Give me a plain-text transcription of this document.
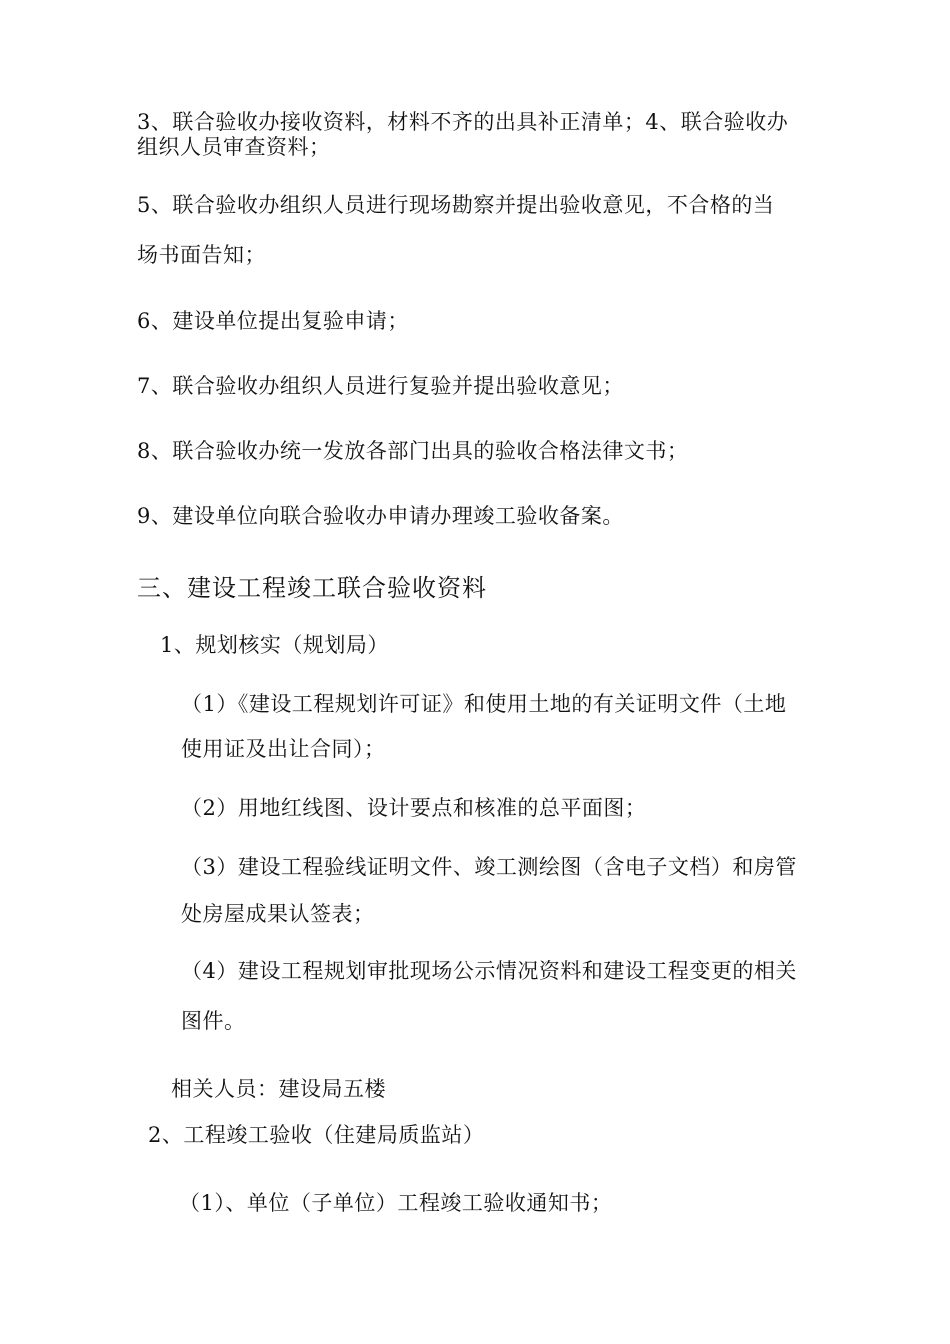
3、联合验收办接收资料，材料不齐的出具补正清单；4、联合验收办
组织人员审查资料；
5、联合验收办组织人员进行现场勘察并提出验收意见，不合格的当
场书面告知；
6、建设单位提出复验申请；
7、联合验收办组织人员进行复验并提出验收意见；
8、联合验收办统一发放各部门出具的验收合格法律文书；
9、建设单位向联合验收办申请办理竣工验收备案。
三、建设工程竣工联合验收资料
1、规划核实（规划局）
（1）《建设工程规划许可证》和使用土地的有关证明文件（土地
使用证及出让合同）；
（2）用地红线图、设计要点和核准的总平面图；
（3）建设工程验线证明文件、竣工测绘图（含电子文档）和房管
处房屋成果认签表；
（4）建设工程规划审批现场公示情况资料和建设工程变更的相关
图件。
相关人员：建设局五楼
2、工程竣工验收（住建局质监站）
（1）、单位（子单位）工程竣工验收通知书；
